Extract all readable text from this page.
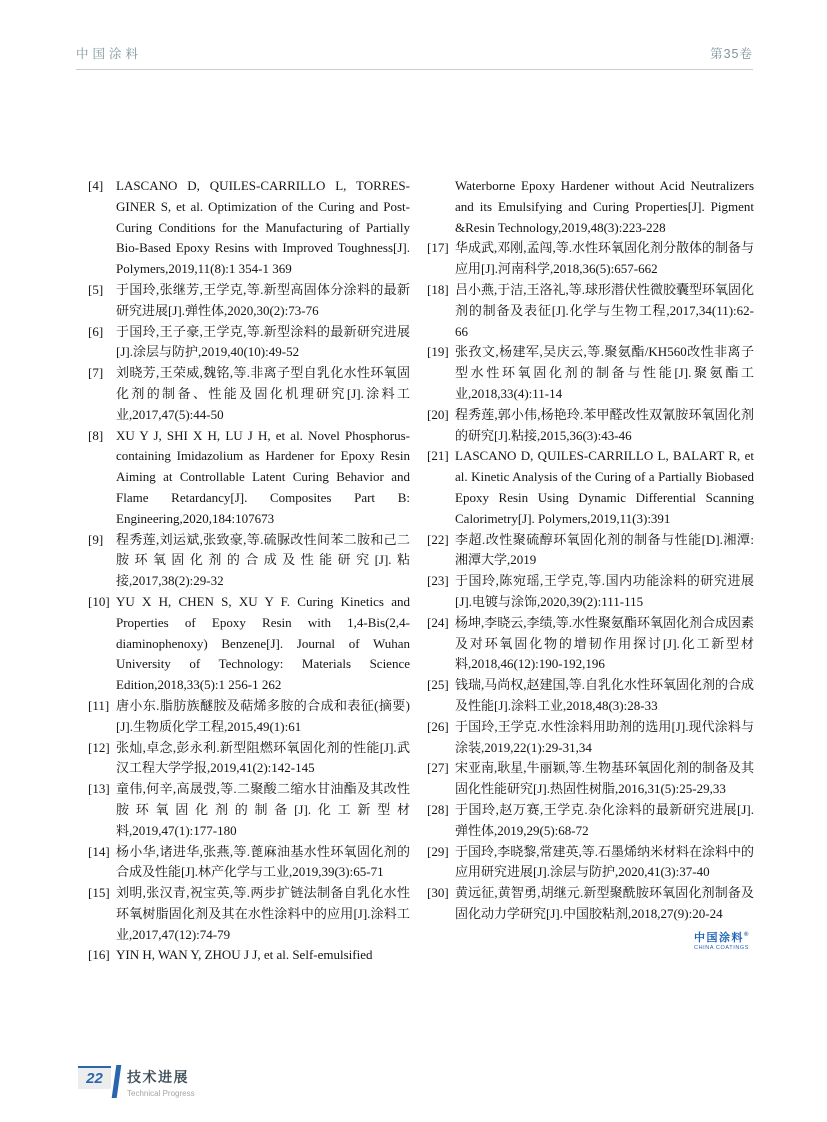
中国涂料	第35卷
[4] LASCANO D, QUILES-CARRILLO L, TORRES-GINER S, et al. Optimization of the Curing and Post-Curing Conditions for the Manufacturing of Partially Bio-Based Epoxy Resins with Improved Toughness[J]. Polymers,2019,11(8):1 354-1 369
[5] 于国玲,张继芳,王学克,等.新型高固体分涂料的最新研究进展[J].弹性体,2020,30(2):73-76
[6] 于国玲,王子豪,王学克,等.新型涂料的最新研究进展[J].涂层与防护,2019,40(10):49-52
[7] 刘晓芳,王荣威,魏铭,等.非离子型自乳化水性环氧固化剂的制备、性能及固化机理研究[J].涂料工业,2017,47(5):44-50
[8] XU Y J, SHI X H, LU J H, et al. Novel Phosphorus-containing Imidazolium as Hardener for Epoxy Resin Aiming at Controllable Latent Curing Behavior and Flame Retardancy[J]. Composites Part B: Engineering,2020,184:107673
[9] 程秀莲,刘运斌,张致豪,等.硫脲改性间苯二胺和己二胺环氧固化剂的合成及性能研究[J].粘接,2017,38(2):29-32
[10] YU X H, CHEN S, XU Y F. Curing Kinetics and Properties of Epoxy Resin with 1,4-Bis(2,4-diaminophenoxy) Benzene[J]. Journal of Wuhan University of Technology: Materials Science Edition,2018,33(5):1 256-1 262
[11] 唐小东.脂肪族醚胺及萜烯多胺的合成和表征(摘要)[J].生物质化学工程,2015,49(1):61
[12] 张灿,卓念,彭永利.新型阻燃环氧固化剂的性能[J].武汉工程大学学报,2019,41(2):142-145
[13] 童伟,何辛,高晟弢,等.二聚酸二缩水甘油酯及其改性胺环氧固化剂的制备[J].化工新型材料,2019,47(1):177-180
[14] 杨小华,诸进华,张燕,等.蓖麻油基水性环氧固化剂的合成及性能[J].林产化学与工业,2019,39(3):65-71
[15] 刘明,张汉青,祝宝英,等.两步扩链法制备自乳化水性环氧树脂固化剂及其在水性涂料中的应用[J].涂料工业,2017,47(12):74-79
[16] YIN H, WAN Y, ZHOU J J, et al. Self-emulsified
Waterborne Epoxy Hardener without Acid Neutralizers and its Emulsifying and Curing Properties[J]. Pigment &Resin Technology,2019,48(3):223-228
[17] 华成武,邓刚,孟闯,等.水性环氧固化剂分散体的制备与应用[J].河南科学,2018,36(5):657-662
[18] 吕小燕,于洁,王洛礼,等.球形潜伏性微胶囊型环氧固化剂的制备及表征[J].化学与生物工程,2017,34(11):62-66
[19] 张孜文,杨建军,吴庆云,等.聚氨酯/KH560改性非离子型水性环氧固化剂的制备与性能[J].聚氨酯工业,2018,33(4):11-14
[20] 程秀莲,郭小伟,杨艳玲.苯甲醛改性双氰胺环氧固化剂的研究[J].粘接,2015,36(3):43-46
[21] LASCANO D, QUILES-CARRILLO L, BALART R, et al. Kinetic Analysis of the Curing of a Partially Biobased Epoxy Resin Using Dynamic Differential Scanning Calorimetry[J]. Polymers,2019,11(3):391
[22] 李超.改性聚硫醇环氧固化剂的制备与性能[D].湘潭:湘潭大学,2019
[23] 于国玲,陈宛瑶,王学克,等.国内功能涂料的研究进展[J].电镀与涂饰,2020,39(2):111-115
[24] 杨坤,李晓云,李绩,等.水性聚氨酯环氧固化剂合成因素及对环氧固化物的增韧作用探讨[J].化工新型材料,2018,46(12):190-192,196
[25] 钱瑞,马尚权,赵建国,等.自乳化水性环氧固化剂的合成及性能[J].涂料工业,2018,48(3):28-33
[26] 于国玲,王学克.水性涂料用助剂的选用[J].现代涂料与涂装,2019,22(1):29-31,34
[27] 宋亚南,耿星,牛丽颖,等.生物基环氧固化剂的制备及其固化性能研究[J].热固性树脂,2016,31(5):25-29,33
[28] 于国玲,赵万赛,王学克.杂化涂料的最新研究进展[J].弹性体,2019,29(5):68-72
[29] 于国玲,李晓黎,常建英,等.石墨烯纳米材料在涂料中的应用研究进展[J].涂层与防护,2020,41(3):37-40
[30] 黄远征,黄智勇,胡继元.新型聚酰胺环氧固化剂制备及固化动力学研究[J].中国胶粘剂,2018,27(9):20-24
中国涂料®
CHINA COATINGS
22 技术进展
Technical Progress
